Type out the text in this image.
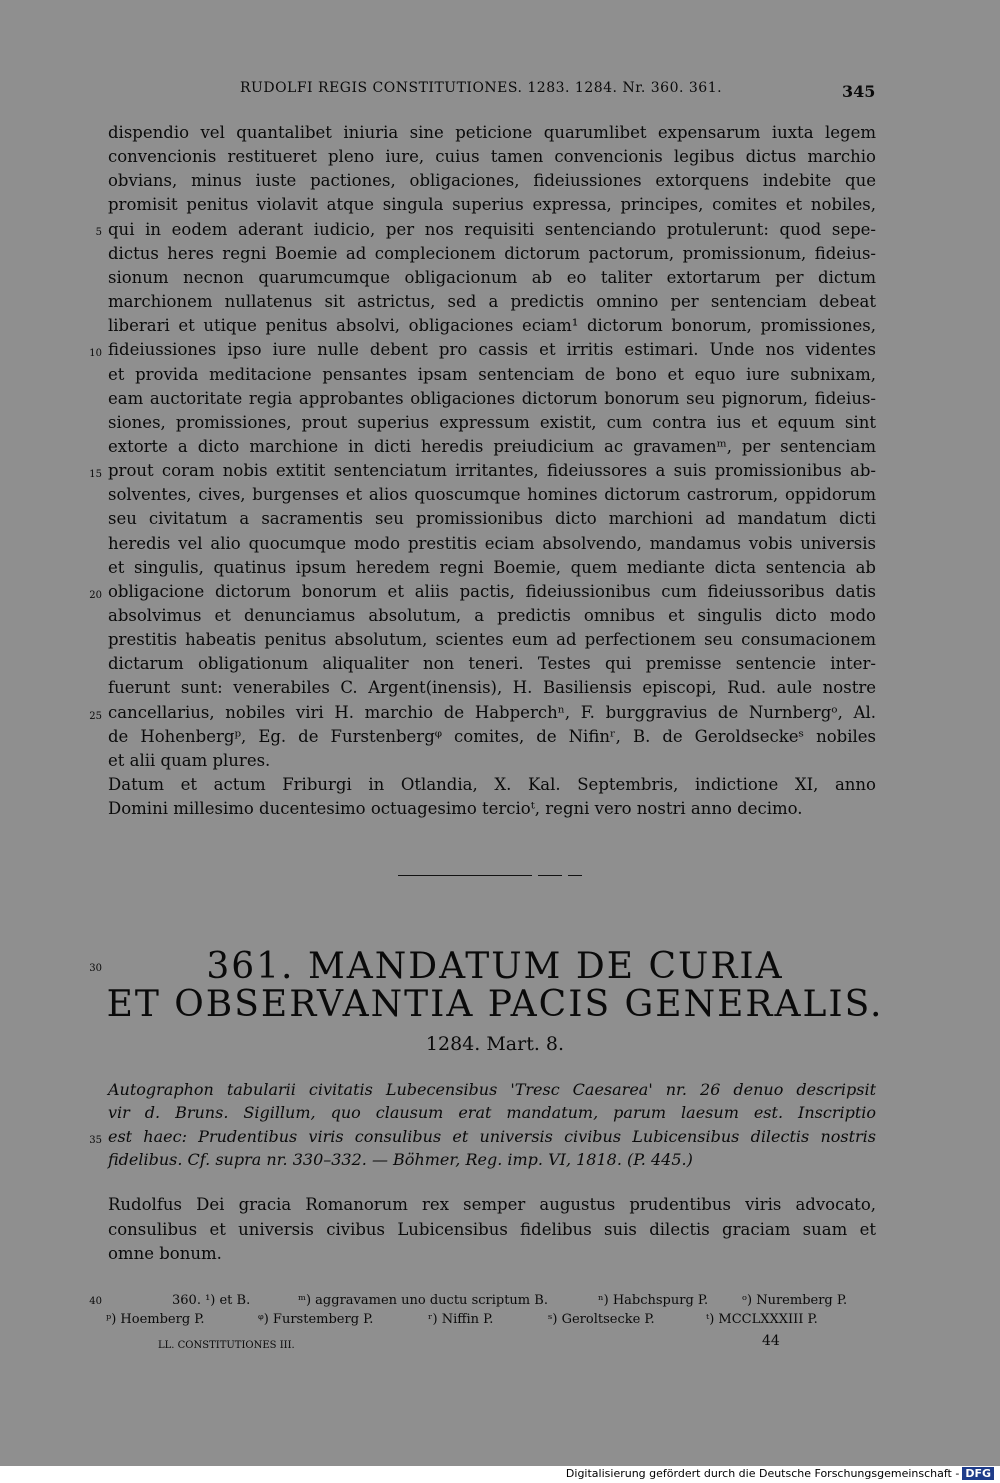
RUDOLFI REGIS CONSTITUTIONES. 1283. 1284. Nr. 360. 361.	345
dispendio vel quantalibet iniuria sine peticione quarumlibet expensarum iuxta legem
convencionis restitueret pleno iure, cuius tamen convencionis legibus dictus marchio
obvians, minus iuste pactiones, obligaciones, fideiussiones extorquens indebite que
promisit penitus violavit atque singula superius expressa, principes, comites et nobiles,
qui in eodem aderant iudicio, per nos requisiti sentenciando protulerunt: quod sepe-
dictus heres regni Boemie ad complecionem dictorum pactorum, promissionum, fideius-
sionum necnon quarumcumque obligacionum ab eo taliter extortarum per dictum
marchionem nullatenus sit astrictus, sed a predictis omnino per sentenciam debeat
liberari et utique penitus absolvi, obligaciones eciam¹ dictorum bonorum, promissiones,
fideiussiones ipso iure nulle debent pro cassis et irritis estimari. Unde nos videntes
et provida meditacione pensantes ipsam sentenciam de bono et equo iure subnixam,
eam auctoritate regia approbantes obligaciones dictorum bonorum seu pignorum, fideius-
siones, promissiones, prout superius expressum existit, cum contra ius et equum sint
extorte a dicto marchione in dicti heredis preiudicium ac gravamenᵐ, per sentenciam
prout coram nobis extitit sentenciatum irritantes, fideiussores a suis promissionibus ab-
solventes, cives, burgenses et alios quoscumque homines dictorum castrorum, oppidorum
seu civitatum a sacramentis seu promissionibus dicto marchioni ad mandatum dicti
heredis vel alio quocumque modo prestitis eciam absolvendo, mandamus vobis universis
et singulis, quatinus ipsum heredem regni Boemie, quem mediante dicta sentencia ab
obligacione dictorum bonorum et aliis pactis, fideiussionibus cum fideiussoribus datis
absolvimus et denunciamus absolutum, a predictis omnibus et singulis dicto modo
prestitis habeatis penitus absolutum, scientes eum ad perfectionem seu consumacionem
dictarum obligationum aliqualiter non teneri. Testes qui premisse sentencie inter-
fuerunt sunt: venerabiles C. Argent(inensis), H. Basiliensis episcopi, Rud. aule nostre
cancellarius, nobiles viri H. marchio de Habperchⁿ, F. burggravius de Nurnbergᵒ, Al.
de Hohenbergᵖ, Eg. de Furstenbergᵠ comites, de Nifinʳ, B. de Geroldseckeˢ nobiles
et alii quam plures.
Datum et actum Friburgi in Otlandia, X. Kal. Septembris, indictione XI, anno
Domini millesimo ducentesimo octuagesimo tercioᵗ, regni vero nostri anno decimo.
5
10
15
20
25
30
35
40
361. MANDATUM DE CURIA
ET OBSERVANTIA PACIS GENERALIS.
1284. Mart. 8.
Autographon tabularii civitatis Lubecensibus 'Tresc Caesarea' nr. 26 denuo descripsit
vir d. Bruns. Sigillum, quo clausum erat mandatum, parum laesum est. Inscriptio
est haec: Prudentibus viris consulibus et universis civibus Lubicensibus dilectis nostris
fidelibus. Cf. supra nr. 330–332. — Böhmer, Reg. imp. VI, 1818. (P. 445.)
Rudolfus Dei gracia Romanorum rex semper augustus prudentibus viris advocato,
consulibus et universis civibus Lubicensibus fidelibus suis dilectis graciam suam et
omne bonum.
360. ¹) et B.	ᵐ) aggravamen uno ductu scriptum B.	ⁿ) Habchspurg P.	ᵒ) Nuremberg P.
ᵖ) Hoemberg P.	ᵠ) Furstemberg P.	ʳ) Niffin P.	ˢ) Geroltsecke P.	ᵗ) MCCLXXXIII P.
LL. CONSTITUTIONES III.	44
Digitalisierung gefördert durch die Deutsche Forschungsgemeinschaft - DFG
